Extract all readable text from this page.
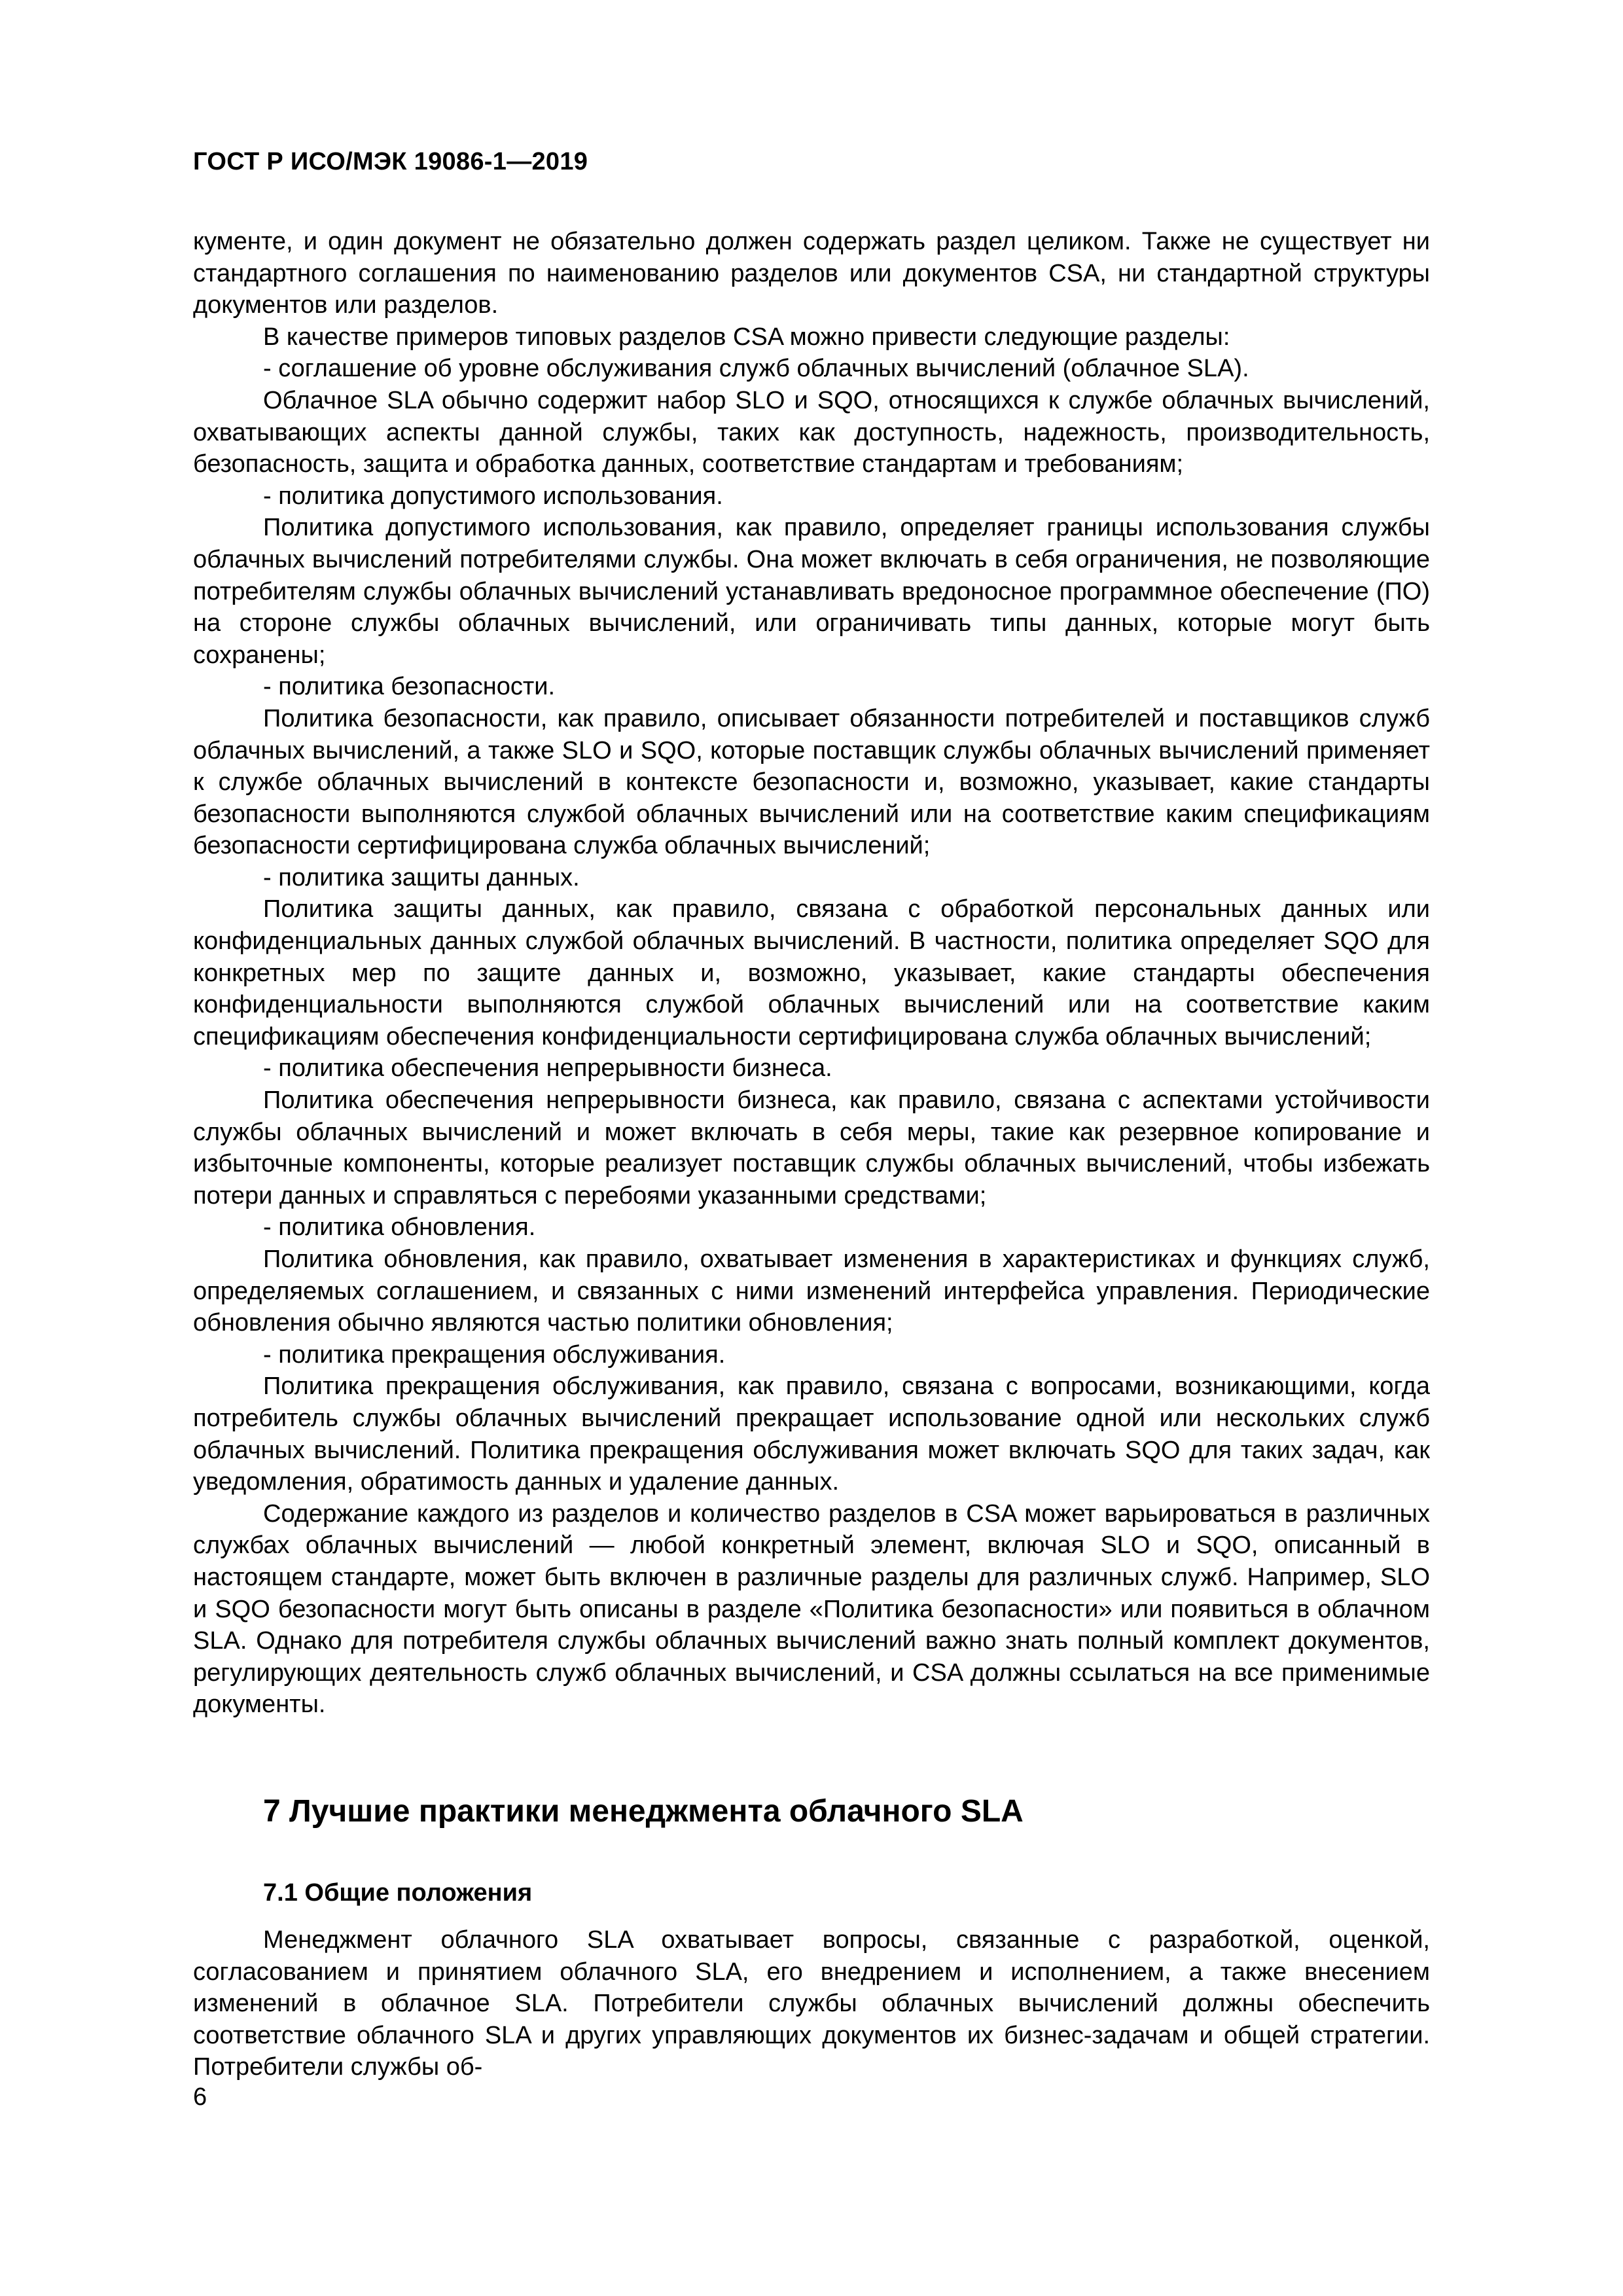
ГОСТ Р ИСО/МЭК 19086-1—2019

кументе, и один документ не обязательно должен содержать раздел целиком. Также не существует ни стандартного соглашения по наименованию разделов или документов CSA, ни стандартной структуры документов или разделов.

В качестве примеров типовых разделов CSA можно привести следующие разделы:

- соглашение об уровне обслуживания служб облачных вычислений (облачное SLA).

Облачное SLA обычно содержит набор SLO и SQO, относящихся к службе облачных вычислений, охватывающих аспекты данной службы, таких как доступность, надежность, производительность, безопасность, защита и обработка данных, соответствие стандартам и требованиям;

- политика допустимого использования.

Политика допустимого использования, как правило, определяет границы использования службы облачных вычислений потребителями службы. Она может включать в себя ограничения, не позволяющие потребителям службы облачных вычислений устанавливать вредоносное программное обеспечение (ПО) на стороне службы облачных вычислений, или ограничивать типы данных, которые могут быть сохранены;

- политика безопасности.

Политика безопасности, как правило, описывает обязанности потребителей и поставщиков служб облачных вычислений, а также SLO и SQO, которые поставщик службы облачных вычислений применяет к службе облачных вычислений в контексте безопасности и, возможно, указывает, какие стандарты безопасности выполняются службой облачных вычислений или на соответствие каким спецификациям безопасности сертифицирована служба облачных вычислений;

- политика защиты данных.

Политика защиты данных, как правило, связана с обработкой персональных данных или конфиденциальных данных службой облачных вычислений. В частности, политика определяет SQO для конкретных мер по защите данных и, возможно, указывает, какие стандарты обеспечения конфиденциальности выполняются службой облачных вычислений или на соответствие каким спецификациям обеспечения конфиденциальности сертифицирована служба облачных вычислений;

- политика обеспечения непрерывности бизнеса.

Политика обеспечения непрерывности бизнеса, как правило, связана с аспектами устойчивости службы облачных вычислений и может включать в себя меры, такие как резервное копирование и избыточные компоненты, которые реализует поставщик службы облачных вычислений, чтобы избежать потери данных и справляться с перебоями указанными средствами;

- политика обновления.

Политика обновления, как правило, охватывает изменения в характеристиках и функциях служб, определяемых соглашением, и связанных с ними изменений интерфейса управления. Периодические обновления обычно являются частью политики обновления;

- политика прекращения обслуживания.

Политика прекращения обслуживания, как правило, связана с вопросами, возникающими, когда потребитель службы облачных вычислений прекращает использование одной или нескольких служб облачных вычислений. Политика прекращения обслуживания может включать SQO для таких задач, как уведомления, обратимость данных и удаление данных.

Содержание каждого из разделов и количество разделов в CSA может варьироваться в различных службах облачных вычислений — любой конкретный элемент, включая SLO и SQO, описанный в настоящем стандарте, может быть включен в различные разделы для различных служб. Например, SLO и SQO безопасности могут быть описаны в разделе «Политика безопасности» или появиться в облачном SLA. Однако для потребителя службы облачных вычислений важно знать полный комплект документов, регулирующих деятельность служб облачных вычислений, и CSA должны ссылаться на все применимые документы.

7 Лучшие практики менеджмента облачного SLA
7.1 Общие положения

Менеджмент облачного SLA охватывает вопросы, связанные с разработкой, оценкой, согласованием и принятием облачного SLA, его внедрением и исполнением, а также внесением изменений в облачное SLA. Потребители службы облачных вычислений должны обеспечить соответствие облачного SLA и других управляющих документов их бизнес-задачам и общей стратегии. Потребители службы об-

6
